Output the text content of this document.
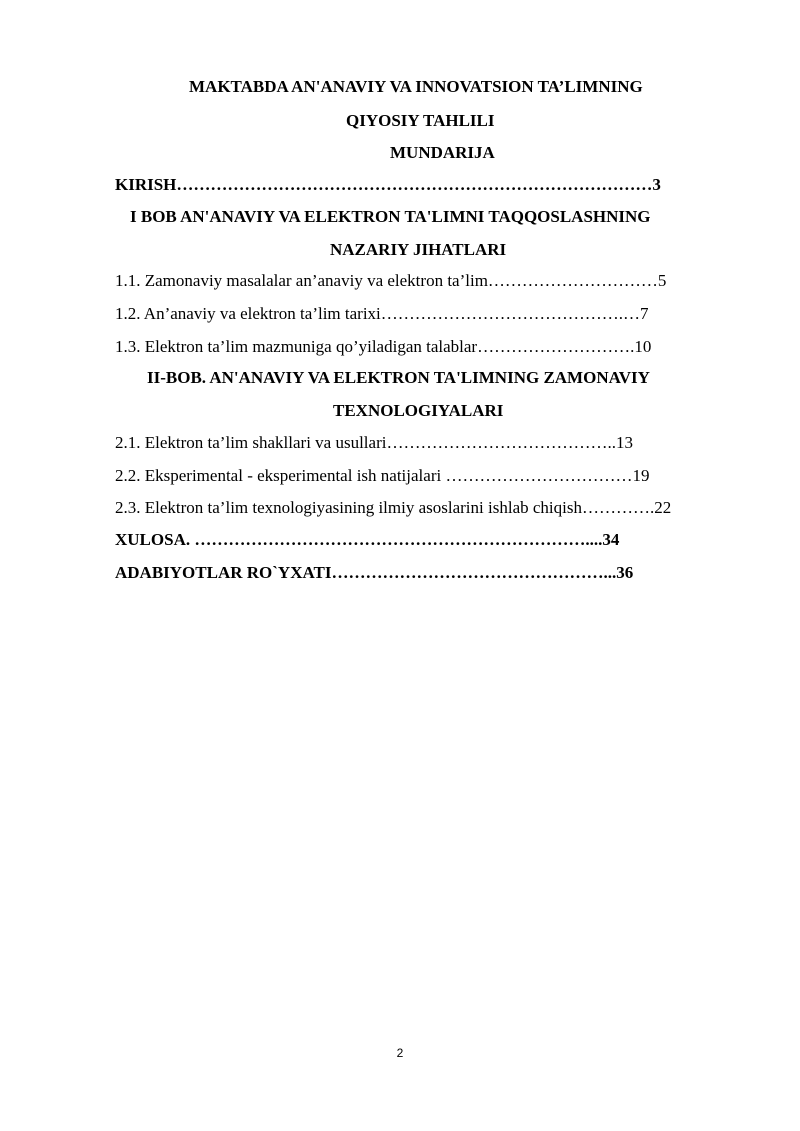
MAKTABDA AN'ANAVIY VA INNOVATSION TA’LIMNING
QIYOSIY TAHLILI
MUNDARIJA
KIRISH…………………………………………………………………………3
I BOB AN'ANAVIY VA ELEKTRON TA'LIMNI TAQQOSLASHNING
NAZARIY JIHATLARI
1.1. Zamonaviy masalalar an’anaviy va elektron ta’lim…………………………5
1.2. An’anaviy va elektron ta’lim tarixi…………………………………….…7
1.3. Elektron ta’lim mazmuniga qo’yiladigan talablar……………………….10
II-BOB. AN'ANAVIY VA ELEKTRON TA'LIMNING ZAMONAVIY
TEXNOLOGIYALARI
2.1. Elektron ta’lim shakllari va usullari…………………………………..13
2.2. Eksperimental - eksperimental ish natijalari ……………………………19
2.3. Elektron ta’lim texnologiyasining ilmiy asoslarini ishlab chiqish………….22
XULOSA. ……………………………………………………………....34
ADABIYOTLAR RO`YXATI…………………………………………...36
2
